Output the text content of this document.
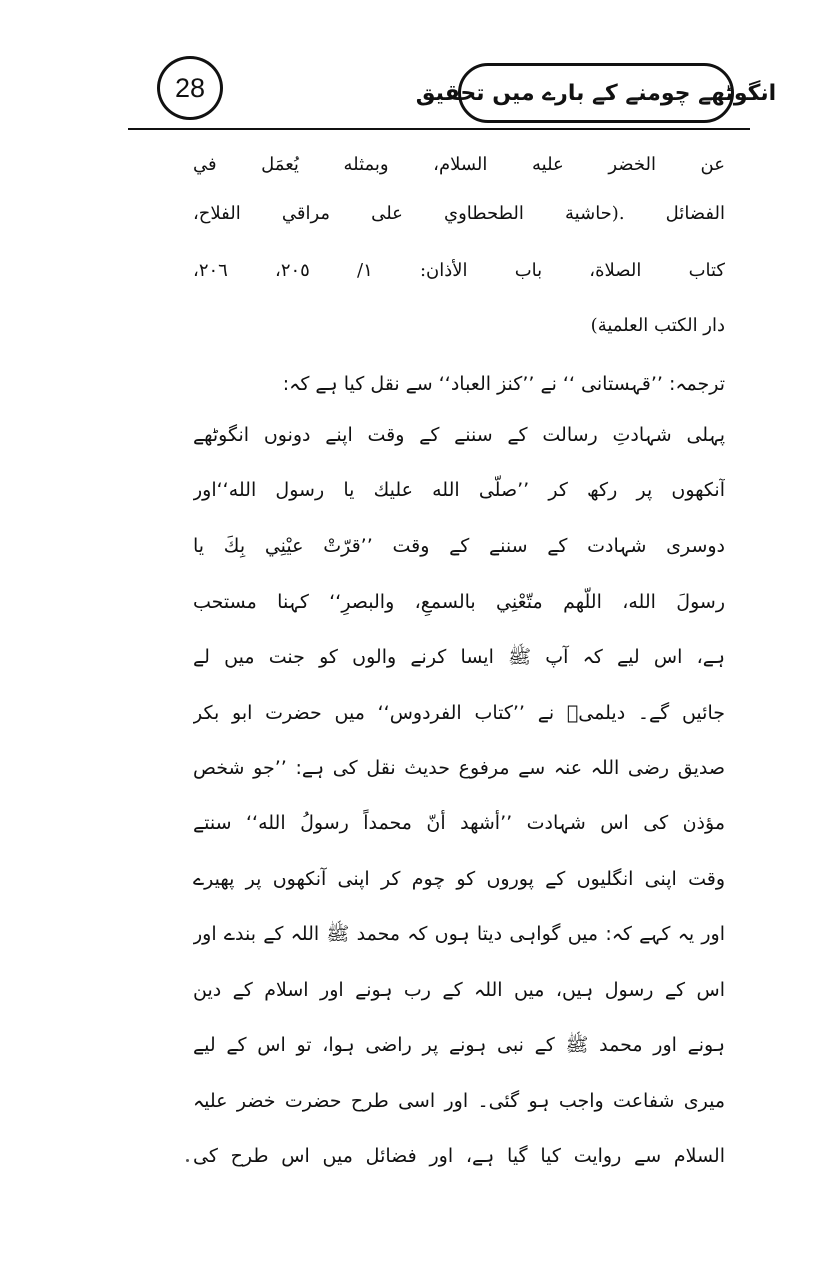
28	انگوٹھے چومنے کے بارے میں تحقیق
عن الخضر عليه السلام، وبمثله يُعمَل في
الفضائل .(حاشية الطحطاوي على مراقي الفلاح،
كتاب الصلاة، باب الأذان: ١/ ٢٠٥، ٢٠٦،
دار الكتب العلمية)
ترجمہ: ’’قہستانی ‘‘ نے ’’کنز العباد‘‘ سے نقل کیا ہے کہ:
پہلی شہادتِ رسالت کے سننے کے وقت اپنے دونوں انگوٹھے
آنکھوں پر رکھ کر ’’صلّى الله عليك يا رسول الله‘‘اور
دوسری شہادت کے سننے کے وقت ’’قرّتْ عيْنِي بِكَ يا
رسولَ الله، اللّهم متّعْنِي بالسمعِ، والبصرِ‘‘ کہنا مستحب
ہے، اس لیے کہ آپ ﷺ ایسا کرنے والوں کو جنت میں لے
جائیں گے۔ دیلمیؒ نے ’’کتاب الفردوس‘‘ میں حضرت ابو بکر
صدیق رضی اللہ عنہ سے مرفوع حدیث نقل کی ہے: ’’جو شخص
مؤذن کی اس شہادت ’’أشهد أنّ محمداً رسولُ الله‘‘ سنتے
وقت اپنی انگلیوں کے پوروں کو چوم کر اپنی آنکھوں پر پھیرے
اور یہ کہے کہ: میں گواہی دیتا ہوں کہ محمد ﷺ اللہ کے بندے اور
اس کے رسول ہیں، میں اللہ کے رب ہونے اور اسلام کے دین
ہونے اور محمد ﷺ کے نبی ہونے پر راضی ہوا، تو اس کے لیے
میری شفاعت واجب ہو گئی۔ اور اسی طرح حضرت خضر علیہ
السلام سے روایت کیا گیا ہے، اور فضائل میں اس طرح کی
